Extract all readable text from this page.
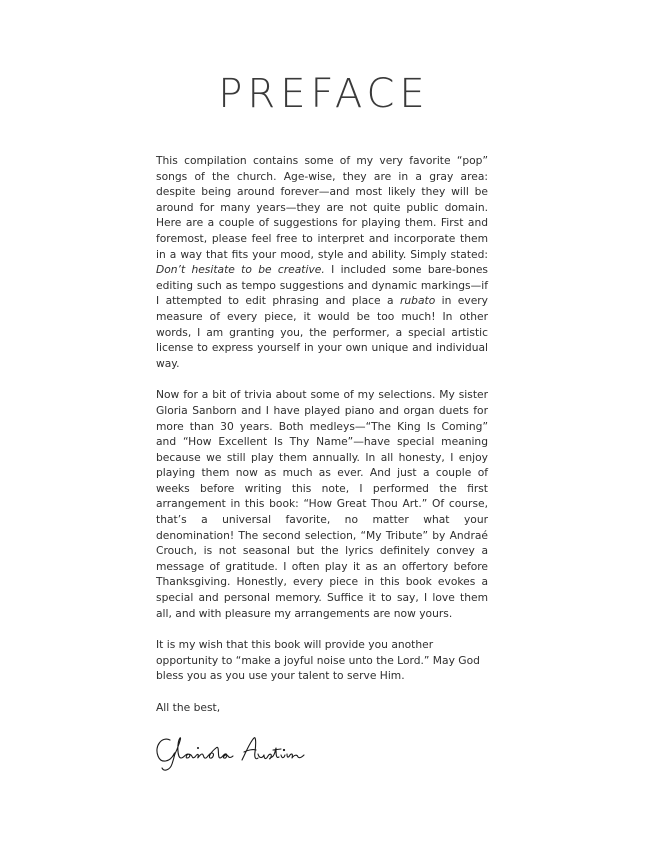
PREFACE

This compilation contains some of my very favorite “pop” songs of the church. Age-wise, they are in a gray area: despite being around forever—and most likely they will be around for many years—they are not quite public domain. Here are a couple of suggestions for playing them. First and foremost, please feel free to interpret and incorporate them in a way that fits your mood, style and ability. Simply stated: Don’t hesitate to be creative. I included some bare-bones editing such as tempo suggestions and dynamic markings—if I attempted to edit phrasing and place a rubato in every measure of every piece, it would be too much! In other words, I am granting you, the performer, a special artistic license to express yourself in your own unique and individual way.

Now for a bit of trivia about some of my selections. My sister Gloria Sanborn and I have played piano and organ duets for more than 30 years. Both medleys—“The King Is Coming” and “How Excellent Is Thy Name”—have special meaning because we still play them annually. In all honesty, I enjoy playing them now as much as ever. And just a couple of weeks before writing this note, I performed the first arrangement in this book: “How Great Thou Art.” Of course, that’s a universal favorite, no matter what your denomination! The second selection, “My Tribute” by Andraé Crouch, is not seasonal but the lyrics definitely convey a message of gratitude. I often play it as an offertory before Thanksgiving. Honestly, every piece in this book evokes a special and personal memory. Suffice it to say, I love them all, and with pleasure my arrangements are now yours.

It is my wish that this book will provide you another opportunity to “make a joyful noise unto the Lord.” May God bless you as you use your talent to serve Him.

All the best,
